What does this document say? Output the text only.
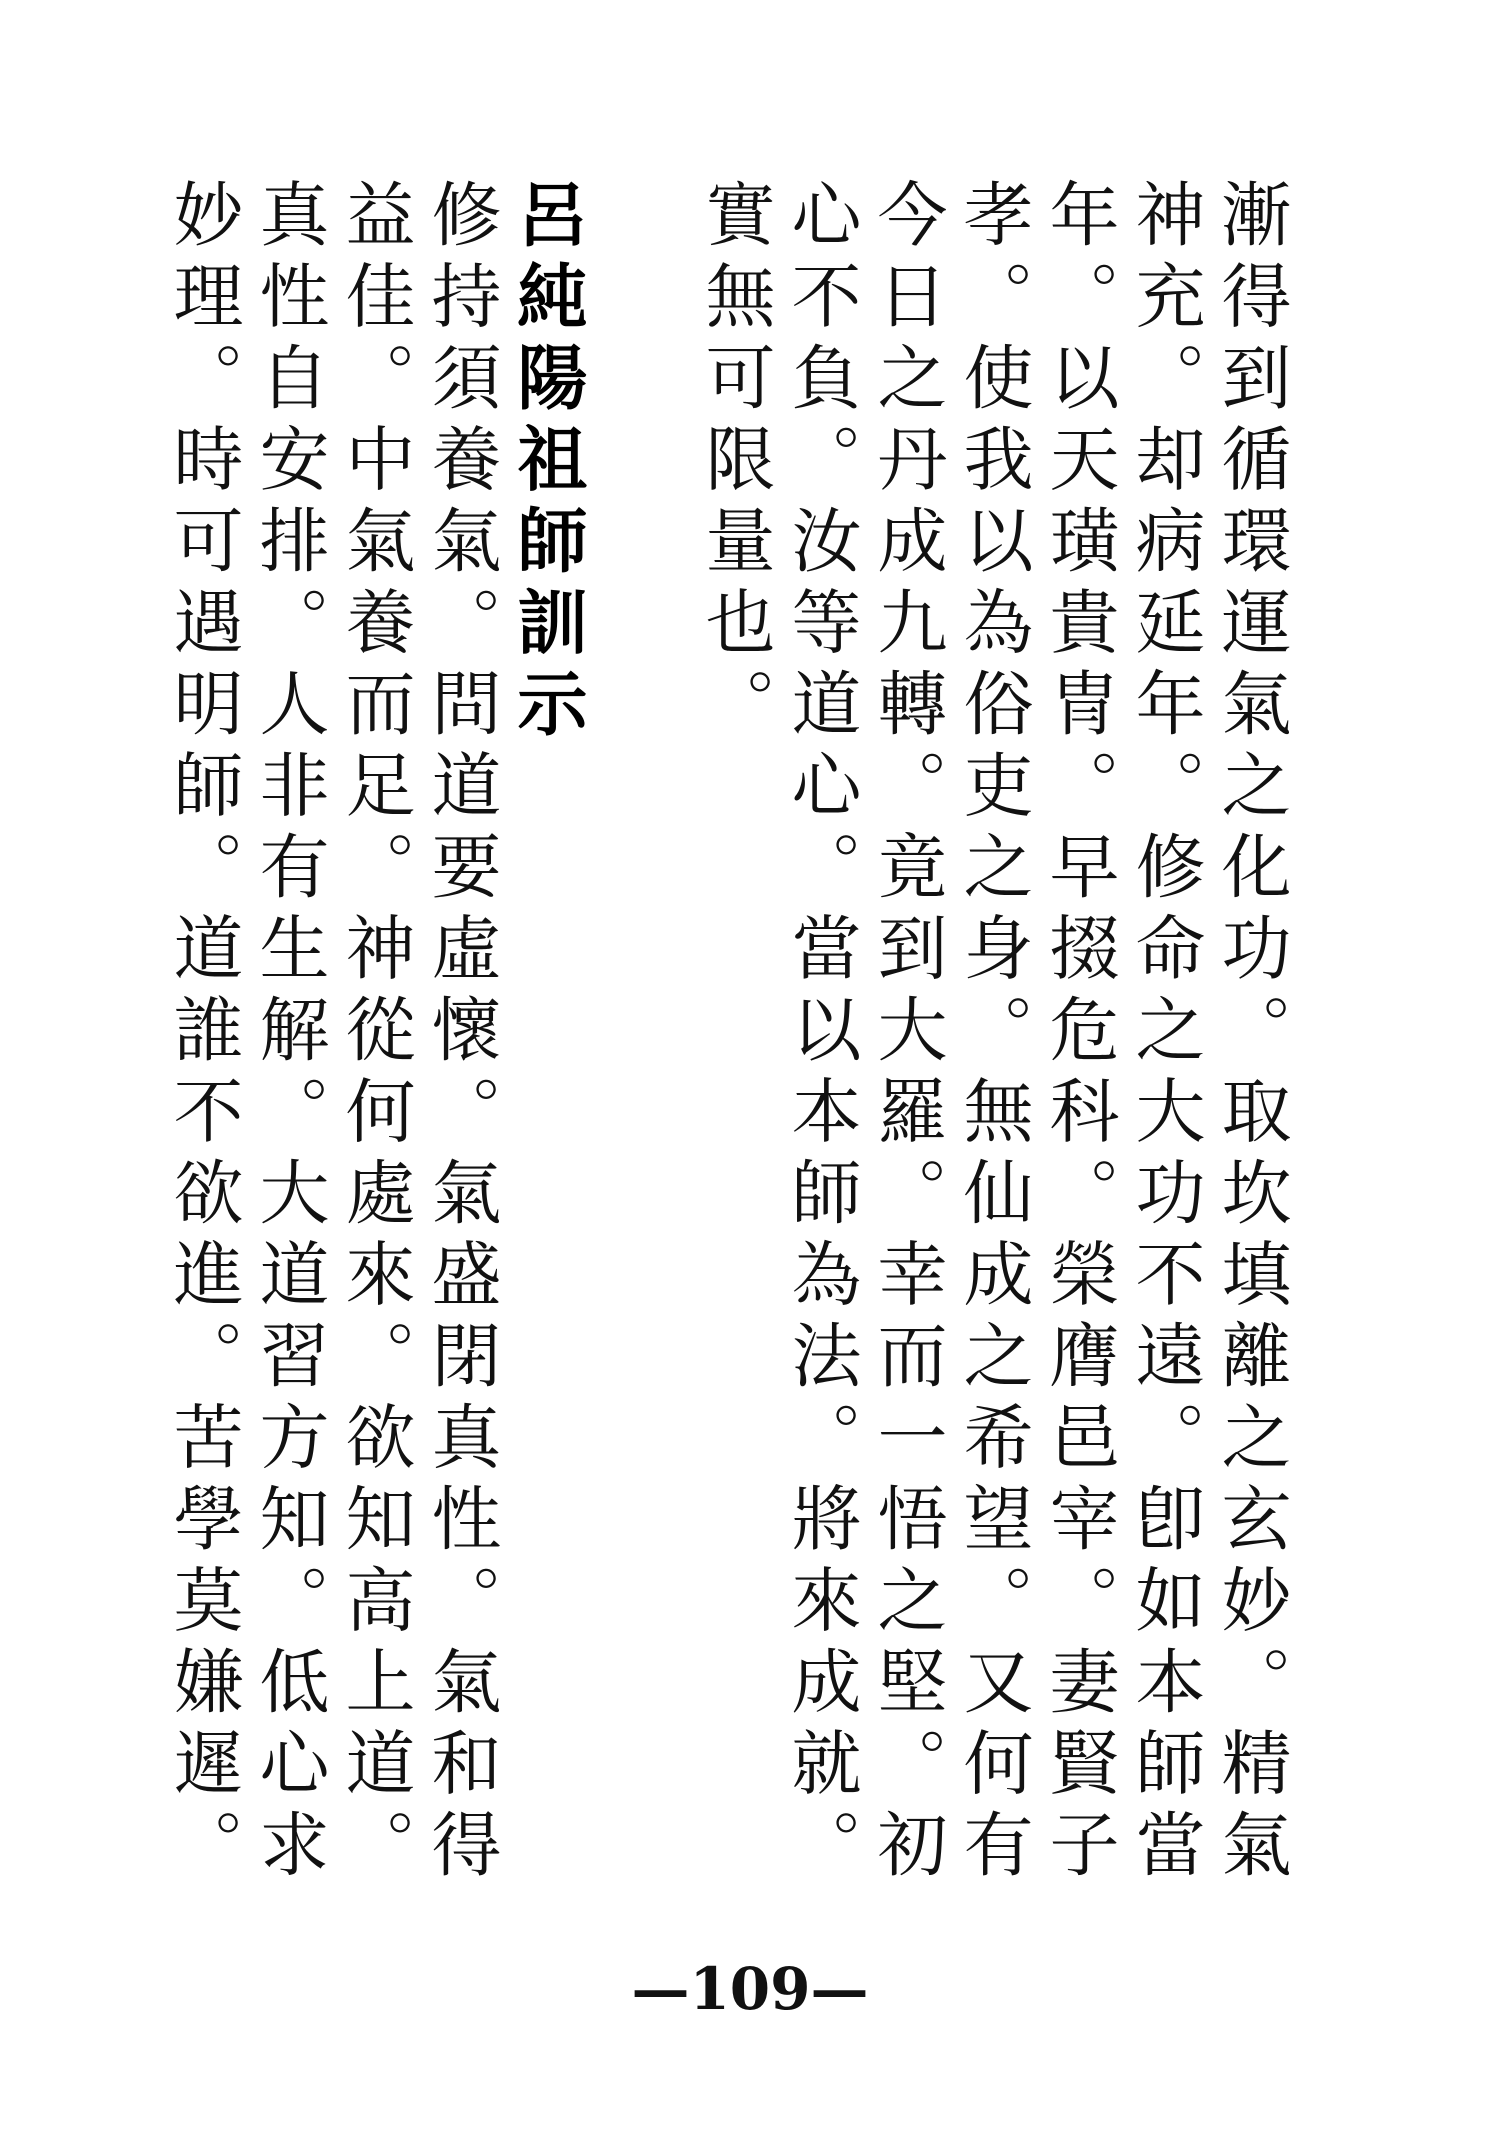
漸得到循環運氣之化功。取坎填離之玄妙。精氣
神充。却病延年。修命之大功不遠。卽如本師當
年。以天璜貴冑。早掇危科。榮膺邑宰。妻賢子
孝。使我以為俗吏之身。無仙成之希望。又何有
今日之丹成九轉。竟到大羅。幸而一悟之堅。初
心不負。汝等道心。當以本師為法。將來成就。
實無可限量也。
呂純陽祖師訓示
修持須養氣。問道要虛懷。氣盛閉真性。氣和得
益佳。中氣養而足。神從何處來。欲知高上道。
真性自安排。人非有生解。大道習方知。低心求
妙理。時可遇明師。道誰不欲進。苦學莫嫌遲。
—109—
